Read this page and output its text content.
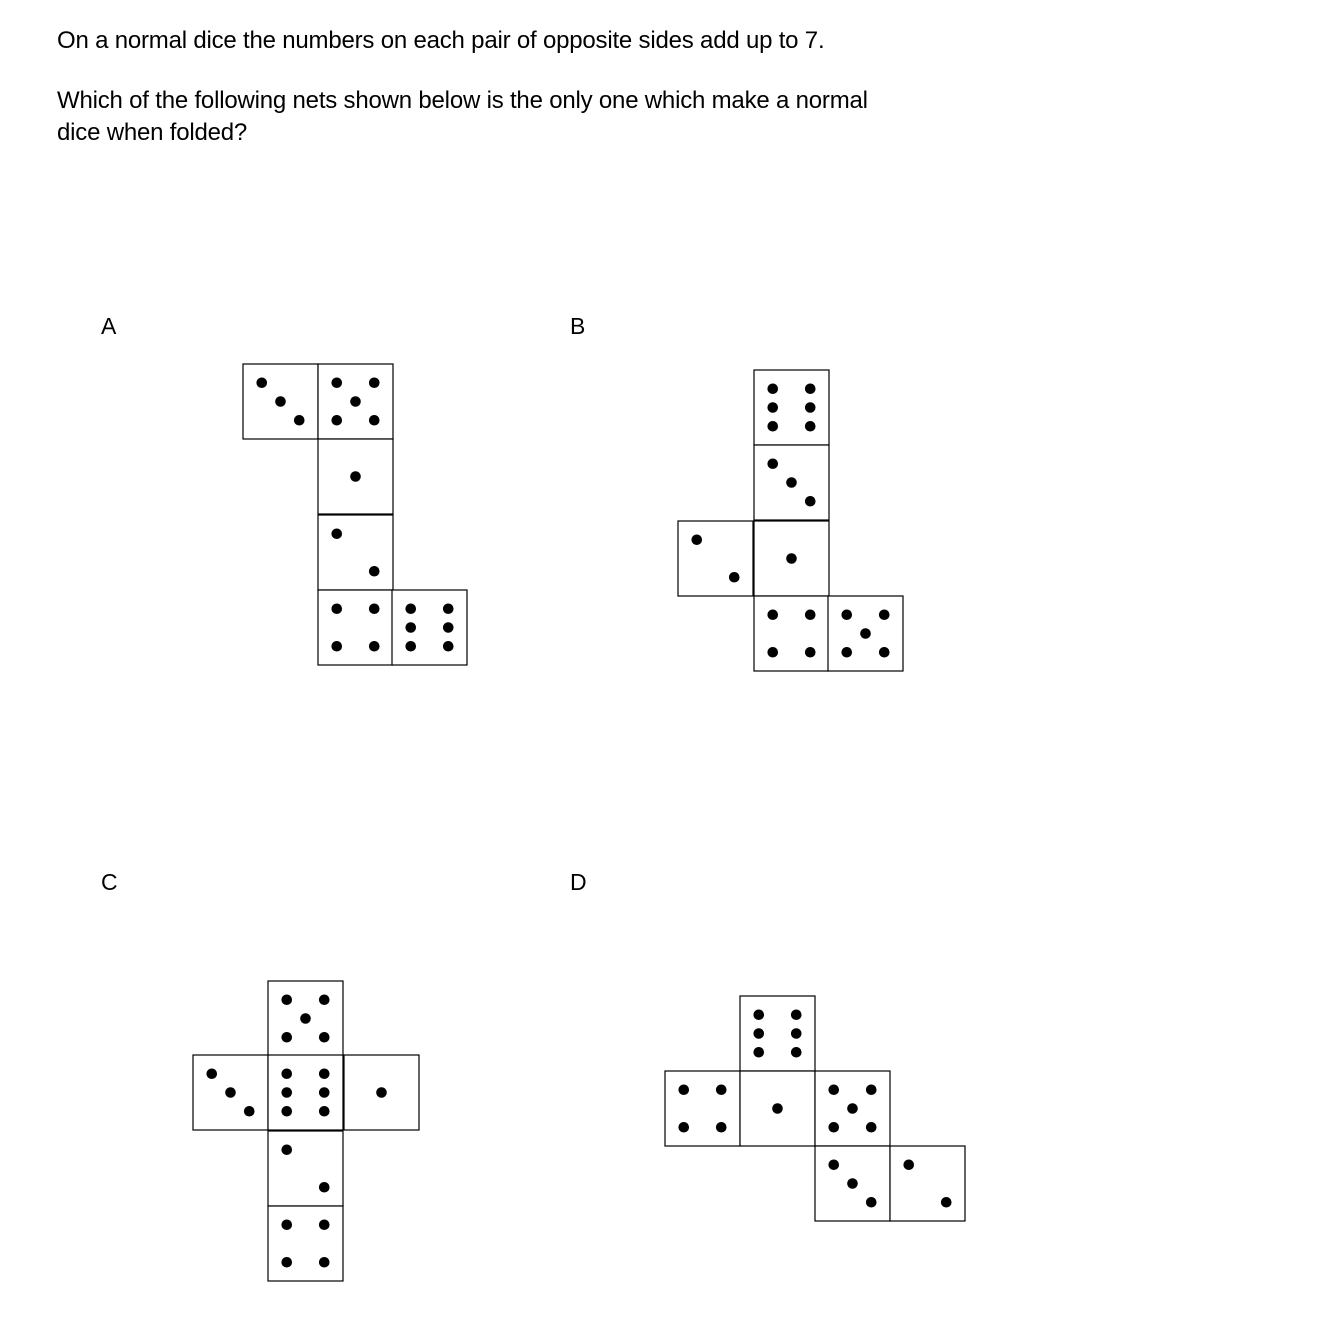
On a normal dice the numbers on each pair of opposite sides add up to 7.

Which of the following nets shown below is the only one which make a normal

dice when folded?

A	B

C	D
